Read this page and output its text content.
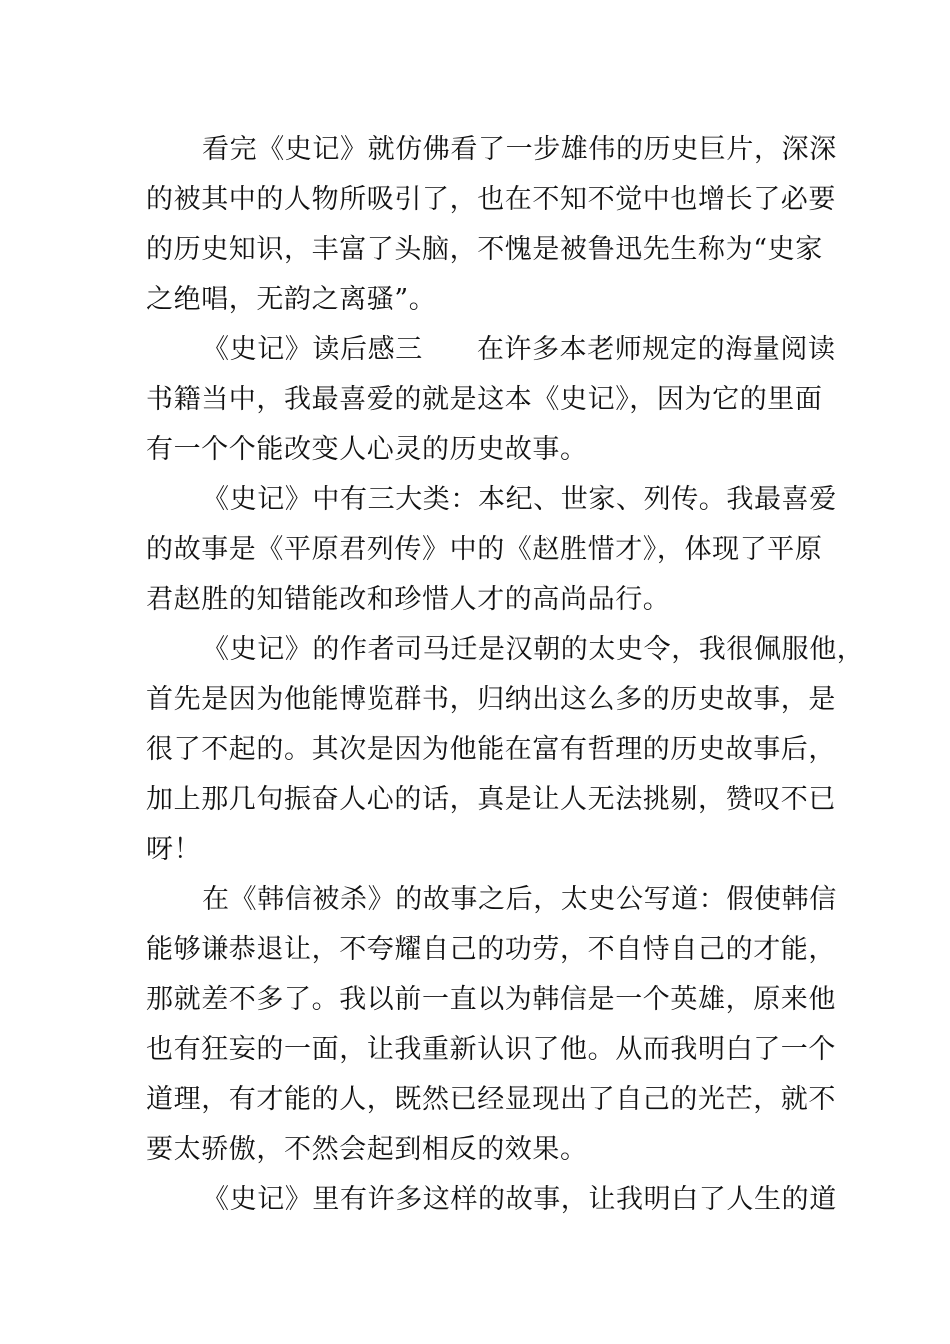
看完《史记》就仿佛看了一步雄伟的历史巨片，深深
的被其中的人物所吸引了，也在不知不觉中也增长了必要
的历史知识，丰富了头脑，不愧是被鲁迅先生称为“史家
之绝唱，无韵之离骚”。
《史记》读后感三 在许多本老师规定的海量阅读
书籍当中，我最喜爱的就是这本《史记》，因为它的里面
有一个个能改变人心灵的历史故事。
《史记》中有三大类：本纪、世家、列传。我最喜爱
的故事是《平原君列传》中的《赵胜惜才》，体现了平原
君赵胜的知错能改和珍惜人才的高尚品行。
《史记》的作者司马迁是汉朝的太史令，我很佩服他，
首先是因为他能博览群书，归纳出这么多的历史故事，是
很了不起的。其次是因为他能在富有哲理的历史故事后，
加上那几句振奋人心的话，真是让人无法挑剔，赞叹不已
呀！
在《韩信被杀》的故事之后，太史公写道：假使韩信
能够谦恭退让，不夸耀自己的功劳，不自恃自己的才能，
那就差不多了。我以前一直以为韩信是一个英雄，原来他
也有狂妄的一面，让我重新认识了他。从而我明白了一个
道理，有才能的人，既然已经显现出了自己的光芒，就不
要太骄傲，不然会起到相反的效果。
《史记》里有许多这样的故事，让我明白了人生的道
